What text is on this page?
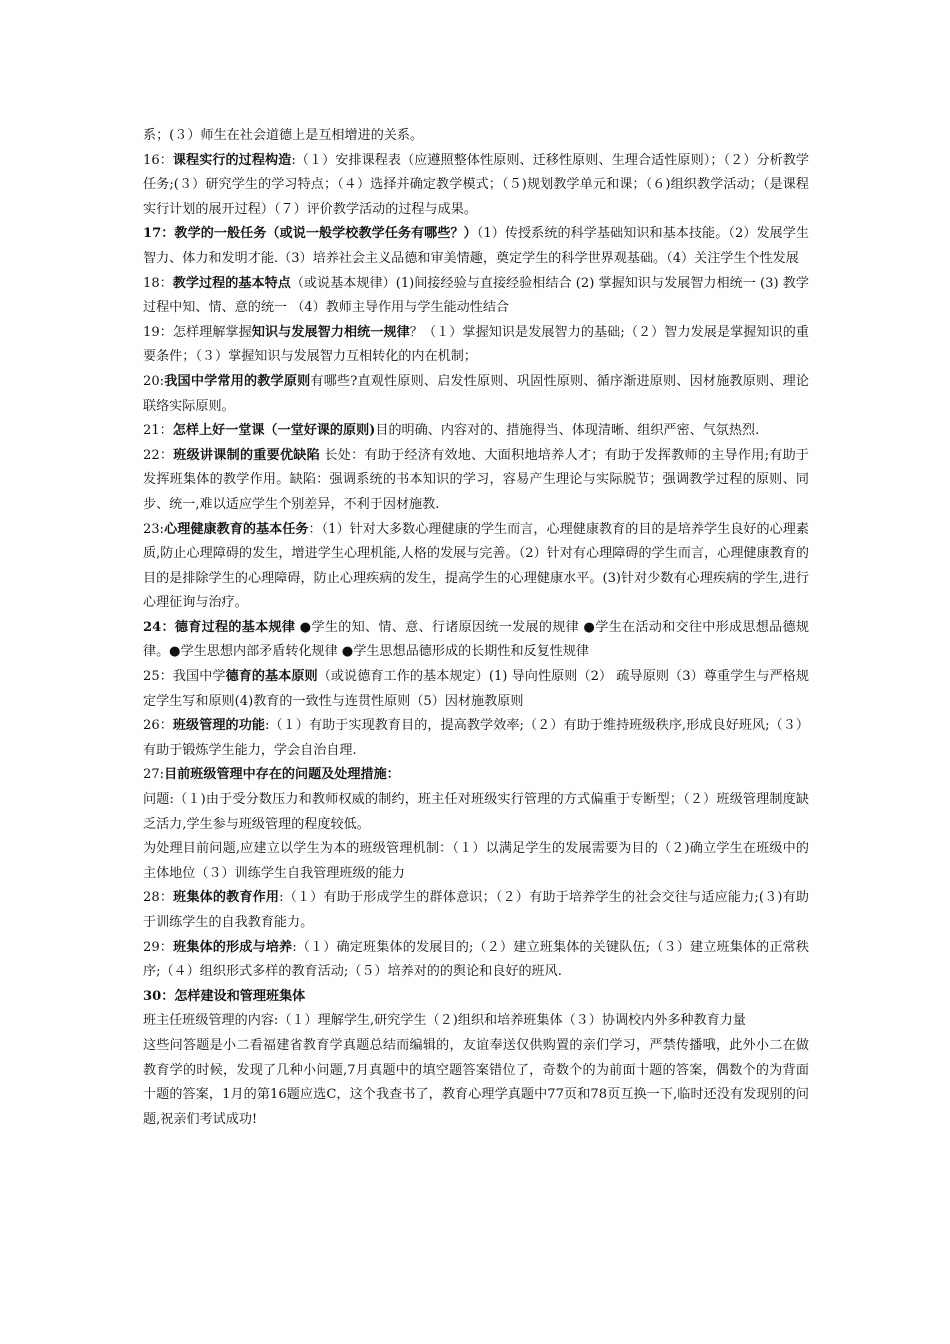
系；(３）师生在社会道德上是互相增进的关系。

16：课程实行的过程构造:（１）安排课程表（应遵照整体性原则、迁移性原则、生理合适性原则）；（２）分析教学任务;(３）研究学生的学习特点；（４）选择并确定教学模式；（５)规划教学单元和课；（６)组织教学活动；（是课程实行计划的展开过程）（７）评价教学活动的过程与成果。

17：教学的一般任务（或说一般学校教学任务有哪些？）（1）传授系统的科学基础知识和基本技能。（2）发展学生智力、体力和发明才能.（3）培养社会主义品德和审美情趣，奠定学生的科学世界观基础。（4）关注学生个性发展

18：教学过程的基本特点（或说基本规律）(1)间接经验与直接经验相结合 (2) 掌握知识与发展智力相统一 (3) 教学过程中知、情、意的统一 （4）教师主导作用与学生能动性结合

19：怎样理解掌握知识与发展智力相统一规律？（１）掌握知识是发展智力的基础;（２）智力发展是掌握知识的重要条件；（３）掌握知识与发展智力互相转化的内在机制；

20:我国中学常用的教学原则有哪些?直观性原则、启发性原则、巩固性原则、循序渐进原则、因材施教原则、理论联络实际原则。

21：怎样上好一堂课（一堂好课的原则)目的明确、内容对的、措施得当、体现清晰、组织严密、气氛热烈.

22：班级讲课制的重要优缺陷 长处：有助于经济有效地、大面积地培养人才；有助于发挥教师的主导作用;有助于发挥班集体的教学作用。缺陷：强调系统的书本知识的学习，容易产生理论与实际脱节；强调教学过程的原则、同步、统一,难以适应学生个别差异，不利于因材施教.

23:心理健康教育的基本任务：（1）针对大多数心理健康的学生而言，心理健康教育的目的是培养学生良好的心理素质,防止心理障碍的发生，增进学生心理机能,人格的发展与完善。（2）针对有心理障碍的学生而言，心理健康教育的目的是排除学生的心理障碍，防止心理疾病的发生，提高学生的心理健康水平。(3)针对少数有心理疾病的学生,进行心理征询与治疗。

24：德育过程的基本规律 ●学生的知、情、意、行诸原因统一发展的规律 ●学生在活动和交往中形成思想品德规律。●学生思想内部矛盾转化规律 ●学生思想品德形成的长期性和反复性规律

25：我国中学德育的基本原则（或说德育工作的基本规定）(1) 导向性原则（2） 疏导原则（3）尊重学生与严格规定学生写和原则(4)教育的一致性与连贯性原则（5）因材施教原则

26：班级管理的功能:（１）有助于实现教育目的，提高教学效率;（２）有助于维持班级秩序,形成良好班风;（３）有助于锻炼学生能力，学会自治自理.

27:目前班级管理中存在的问题及处理措施：

问题:（１)由于受分数压力和教师权威的制约，班主任对班级实行管理的方式偏重于专断型；（２）班级管理制度缺乏活力,学生参与班级管理的程度较低。

为处理目前问题,应建立以学生为本的班级管理机制：（１）以满足学生的发展需要为目的（２)确立学生在班级中的主体地位（３）训练学生自我管理班级的能力

28：班集体的教育作用:（１）有助于形成学生的群体意识；（２）有助于培养学生的社会交往与适应能力;(３)有助于训练学生的自我教育能力。

29：班集体的形成与培养:（１）确定班集体的发展目的;（２）建立班集体的关键队伍;（３）建立班集体的正常秩序;（４）组织形式多样的教育活动;（５）培养对的的舆论和良好的班风.

30：怎样建设和管理班集体

班主任班级管理的内容:（１）理解学生,研究学生（２)组织和培养班集体（３）协调校内外多种教育力量

这些问答题是小二看福建省教育学真题总结而编辑的，友谊奉送仅供购置的亲们学习，严禁传播哦，此外小二在做教育学的时候，发现了几种小问题,7月真题中的填空题答案错位了，奇数个的为前面十题的答案，偶数个的为背面十题的答案，1月的第16题应选C，这个我查书了，教育心理学真题中77页和78页互换一下,临时还没有发现别的问题,祝亲们考试成功!
